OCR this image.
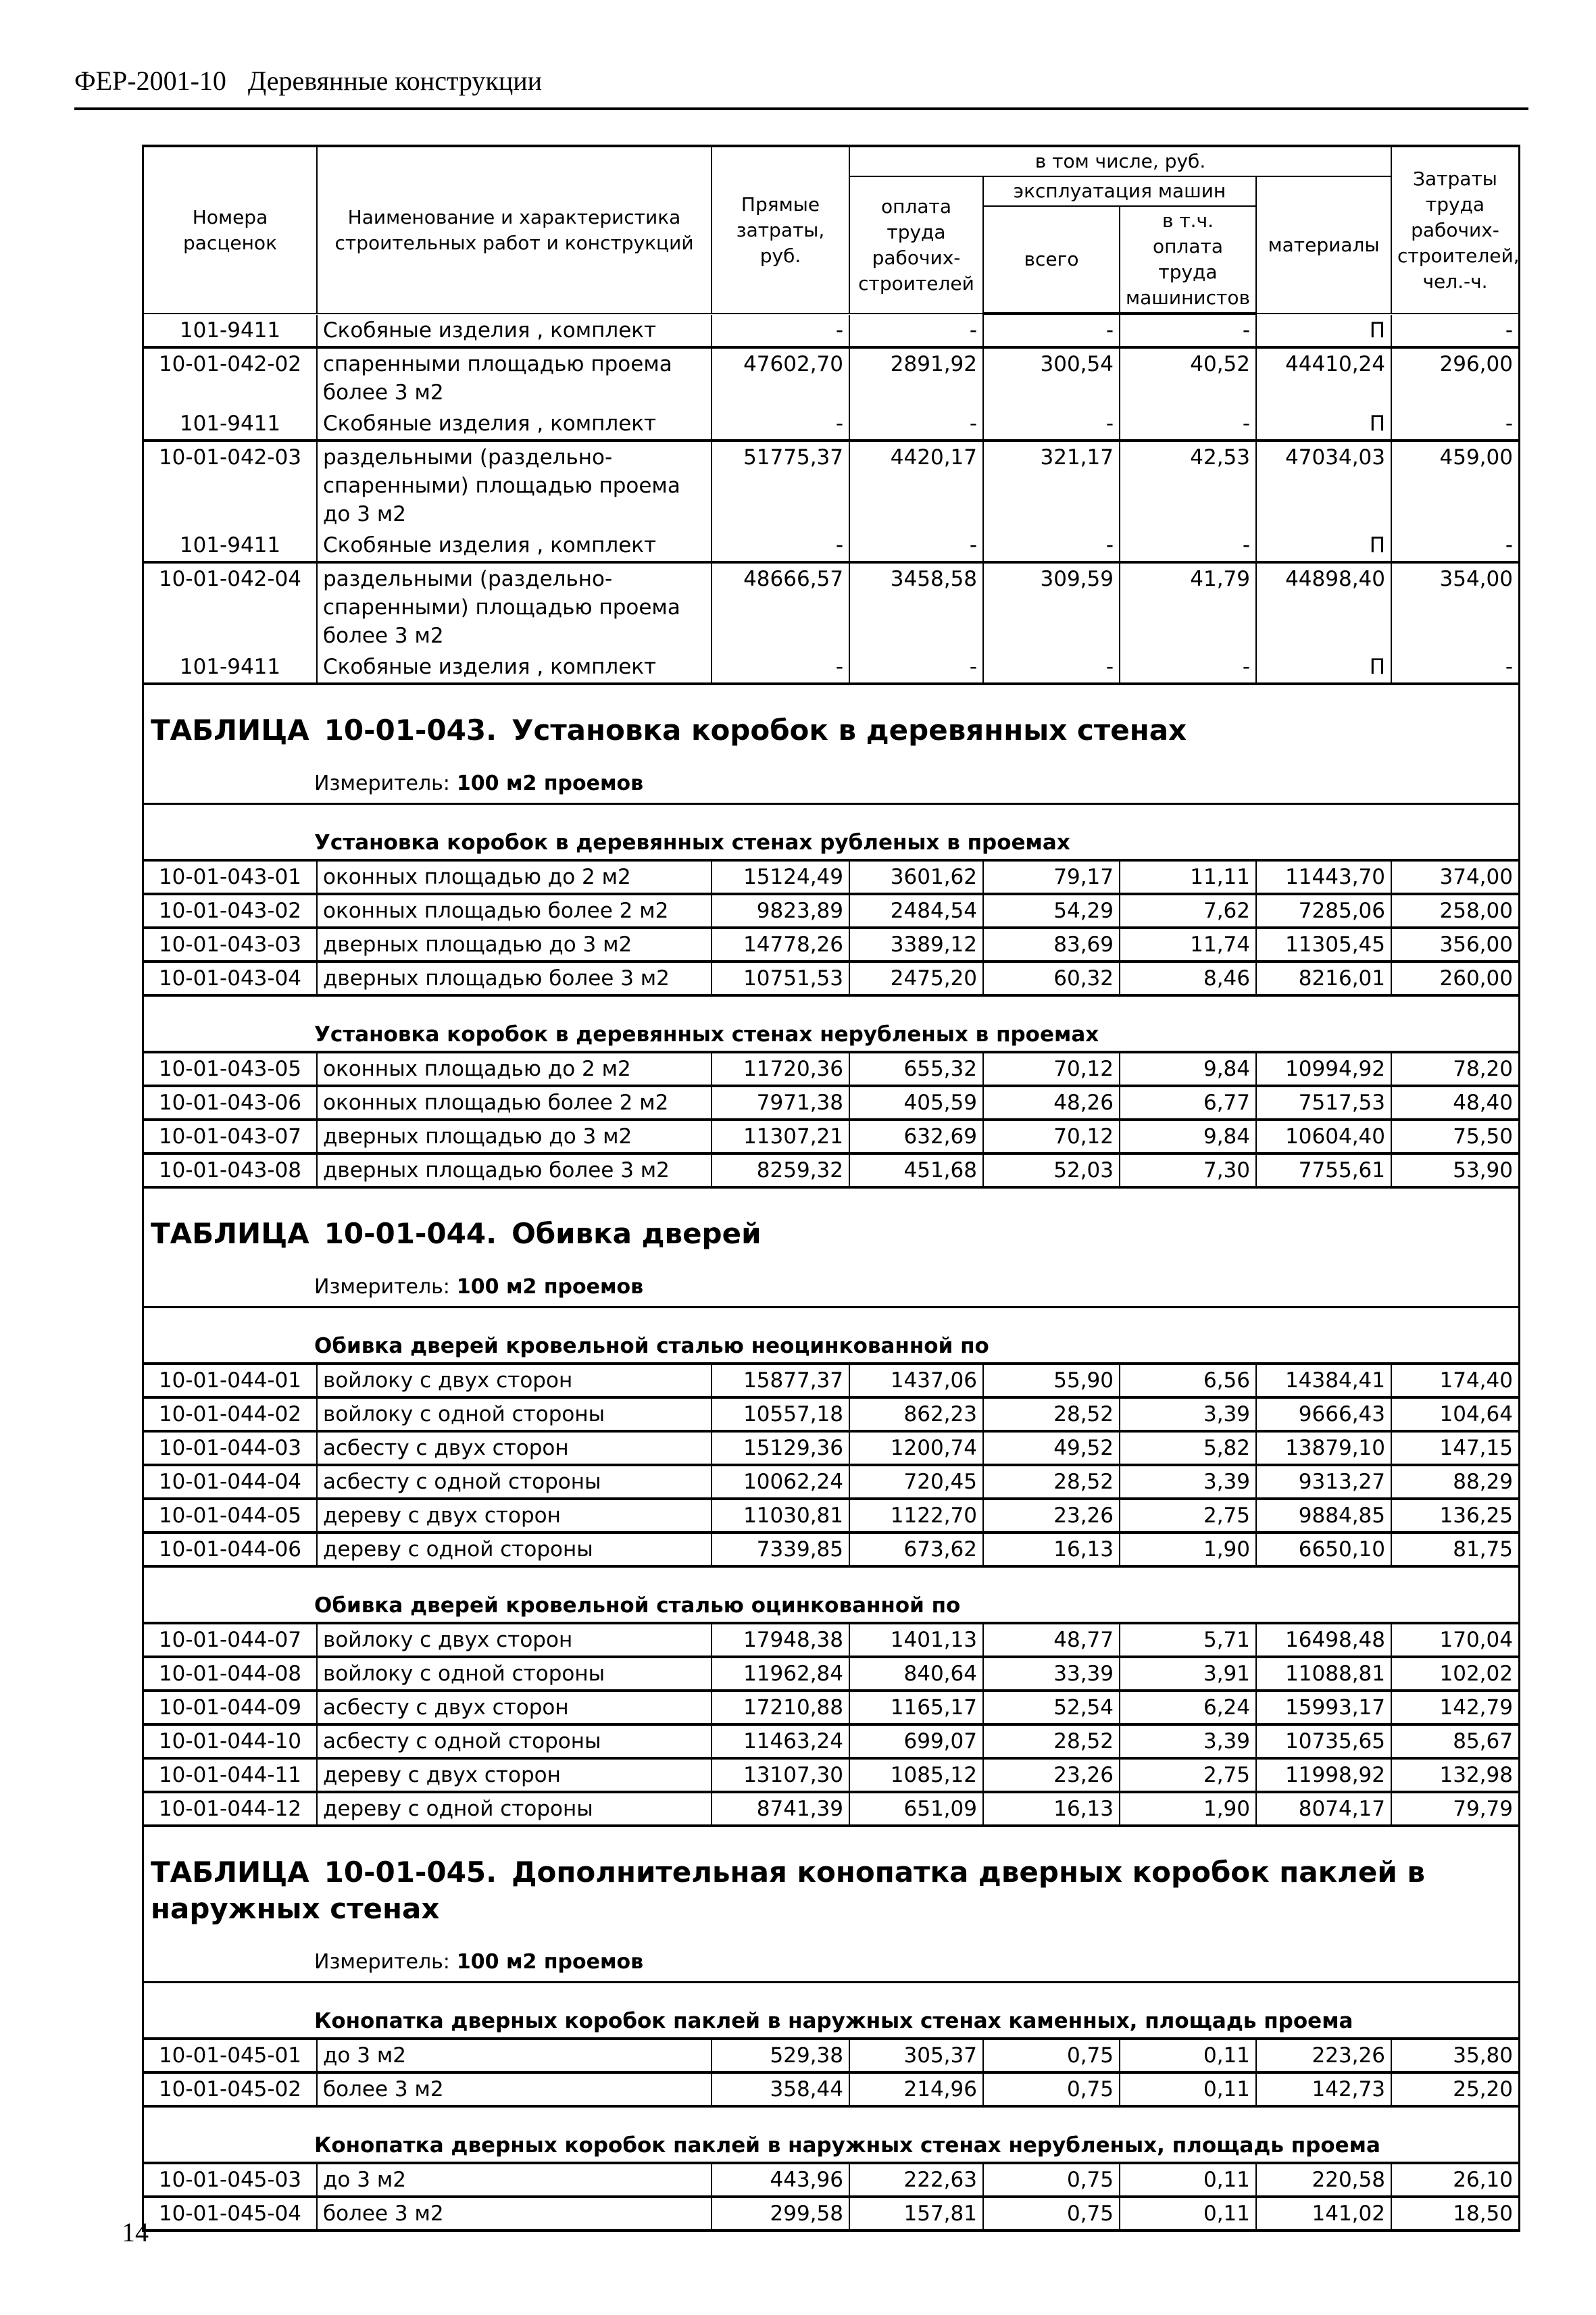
ФЕР-2001-10 Деревянные конструкции
Номера расценок	Наименование и характеристика строительных работ и конструкций	Прямые затраты, руб.	в том числе, руб.				Затраты труда рабочих-строителей, чел.-ч.
			оплата труда рабочих-строителей	эксплуатация машин		материалы	
				всего	в т.ч. оплата труда машинистов		
101-9411	Скобяные изделия , комплект	-	-	-	-	П	-
10-01-042-02	спаренными площадью проема более 3 м2	47602,70	2891,92	300,54	40,52	44410,24	296,00
101-9411	Скобяные изделия , комплект	-	-	-	-	П	-
10-01-042-03	раздельными (раздельно-спаренными) площадью проема до 3 м2	51775,37	4420,17	321,17	42,53	47034,03	459,00
101-9411	Скобяные изделия , комплект	-	-	-	-	П	-
10-01-042-04	раздельными (раздельно-спаренными) площадью проема более 3 м2	48666,57	3458,58	309,59	41,79	44898,40	354,00
101-9411	Скобяные изделия , комплект	-	-	-	-	П	-
ТАБЛИЦА 10-01-043. Установка коробок в деревянных стенах
Измеритель: 100 м2 проемов
Установка коробок в деревянных стенах рубленых в проемах
10-01-043-01	оконных площадью до 2 м2	15124,49	3601,62	79,17	11,11	11443,70	374,00
10-01-043-02	оконных площадью более 2 м2	9823,89	2484,54	54,29	7,62	7285,06	258,00
10-01-043-03	дверных площадью до 3 м2	14778,26	3389,12	83,69	11,74	11305,45	356,00
10-01-043-04	дверных площадью более 3 м2	10751,53	2475,20	60,32	8,46	8216,01	260,00
Установка коробок в деревянных стенах нерубленых в проемах
10-01-043-05	оконных площадью до 2 м2	11720,36	655,32	70,12	9,84	10994,92	78,20
10-01-043-06	оконных площадью более 2 м2	7971,38	405,59	48,26	6,77	7517,53	48,40
10-01-043-07	дверных площадью до 3 м2	11307,21	632,69	70,12	9,84	10604,40	75,50
10-01-043-08	дверных площадью более 3 м2	8259,32	451,68	52,03	7,30	7755,61	53,90
ТАБЛИЦА 10-01-044. Обивка дверей
Измеритель: 100 м2 проемов
Обивка дверей кровельной сталью неоцинкованной по
10-01-044-01	войлоку с двух сторон	15877,37	1437,06	55,90	6,56	14384,41	174,40
10-01-044-02	войлоку с одной стороны	10557,18	862,23	28,52	3,39	9666,43	104,64
10-01-044-03	асбесту с двух сторон	15129,36	1200,74	49,52	5,82	13879,10	147,15
10-01-044-04	асбесту с одной стороны	10062,24	720,45	28,52	3,39	9313,27	88,29
10-01-044-05	дереву с двух сторон	11030,81	1122,70	23,26	2,75	9884,85	136,25
10-01-044-06	дереву с одной стороны	7339,85	673,62	16,13	1,90	6650,10	81,75
Обивка дверей кровельной сталью оцинкованной по
10-01-044-07	войлоку с двух сторон	17948,38	1401,13	48,77	5,71	16498,48	170,04
10-01-044-08	войлоку с одной стороны	11962,84	840,64	33,39	3,91	11088,81	102,02
10-01-044-09	асбесту с двух сторон	17210,88	1165,17	52,54	6,24	15993,17	142,79
10-01-044-10	асбесту с одной стороны	11463,24	699,07	28,52	3,39	10735,65	85,67
10-01-044-11	дереву с двух сторон	13107,30	1085,12	23,26	2,75	11998,92	132,98
10-01-044-12	дереву с одной стороны	8741,39	651,09	16,13	1,90	8074,17	79,79
ТАБЛИЦА 10-01-045. Дополнительная конопатка дверных коробок паклей в наружных стенах
Измеритель: 100 м2 проемов
Конопатка дверных коробок паклей в наружных стенах каменных, площадь проема
10-01-045-01	до 3 м2	529,38	305,37	0,75	0,11	223,26	35,80
10-01-045-02	более 3 м2	358,44	214,96	0,75	0,11	142,73	25,20
Конопатка дверных коробок паклей в наружных стенах нерубленых, площадь проема
10-01-045-03	до 3 м2	443,96	222,63	0,75	0,11	220,58	26,10
10-01-045-04	более 3 м2	299,58	157,81	0,75	0,11	141,02	18,50
14
